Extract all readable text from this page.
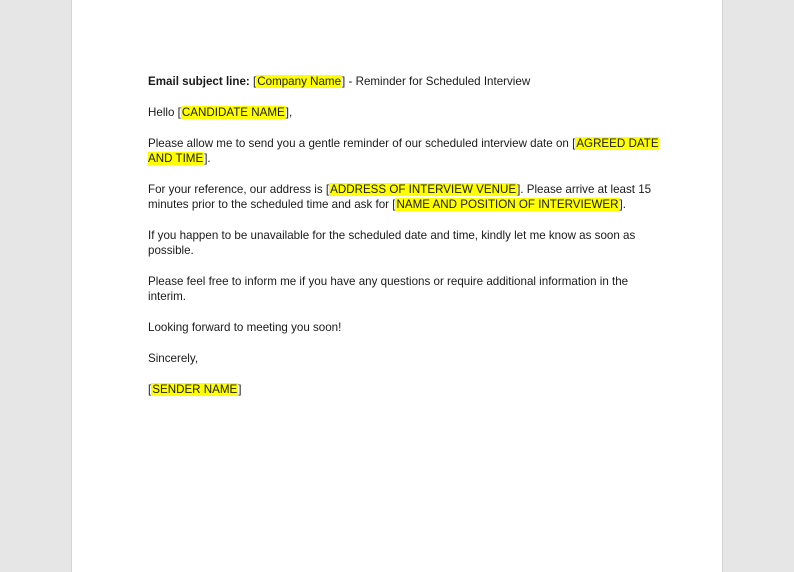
Email subject line: [Company Name] - Reminder for Scheduled Interview

Hello [CANDIDATE NAME],

Please allow me to send you a gentle reminder of our scheduled interview date on [AGREED DATE AND TIME].

For your reference, our address is [ADDRESS OF INTERVIEW VENUE]. Please arrive at least 15 minutes prior to the scheduled time and ask for [NAME AND POSITION OF INTERVIEWER].

If you happen to be unavailable for the scheduled date and time, kindly let me know as soon as possible.

Please feel free to inform me if you have any questions or require additional information in the interim.

Looking forward to meeting you soon!

Sincerely,

[SENDER NAME]
